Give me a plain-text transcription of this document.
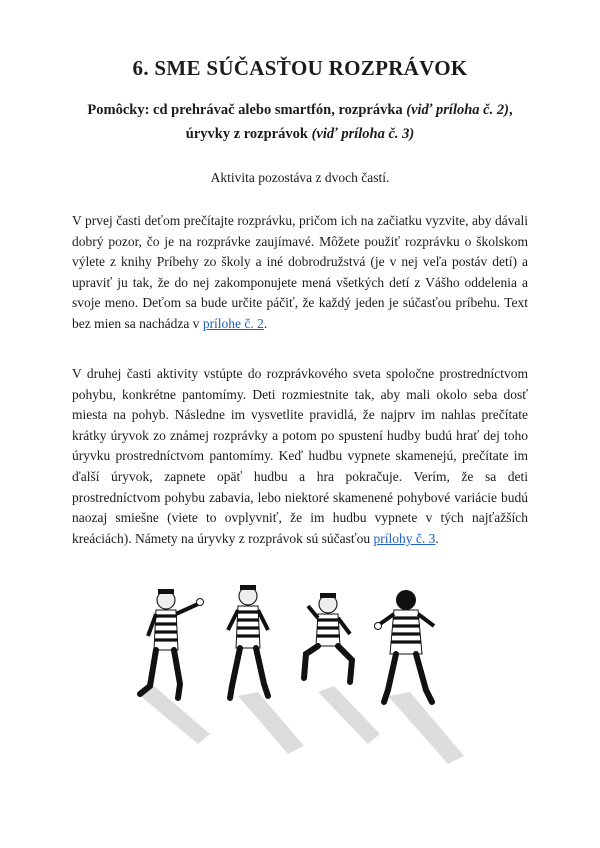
6. SME SÚČASŤOU ROZPRÁVOK
Pomôcky: cd prehrávač alebo smartfón, rozprávka (viď príloha č. 2),
úryvky z rozprávok (viď príloha č. 3)
Aktivita pozostáva z dvoch častí.
V prvej časti deťom prečítajte rozprávku, pričom ich na začiatku vyzvite, aby dávali dobrý pozor, čo je na rozprávke zaujímavé. Môžete použiť rozprávku o školskom výlete z knihy Príbehy zo školy a iné dobrodružstvá (je v nej veľa postáv detí) a upraviť ju tak, že do nej zakomponujete mená všetkých detí z Vášho oddelenia a svoje meno. Deťom sa bude určite páčiť, že každý jeden je súčasťou príbehu. Text bez mien sa nachádza v prílohe č. 2.
V druhej časti aktivity vstúpte do rozprávkového sveta spoločne prostredníctvom pohybu, konkrétne pantomímy. Deti rozmiestnite tak, aby mali okolo seba dosť miesta na pohyb. Následne im vysvetlite pravidlá, že najprv im nahlas prečítate krátky úryvok zo známej rozprávky a potom po spustení hudby budú hrať dej toho úryvku prostredníctvom pantomímy. Keď hudbu vypnete skamenejú, prečítate im ďalší úryvok, zapnete opäť hudbu a hra pokračuje. Verím, že sa deti prostredníctvom pohybu zabavia, lebo niektoré skamenené pohybové variácie budú naozaj smiešne (viete to ovplyvniť, že im hudbu vypnete v tých najťažších kreáciách). Námety na úryvky z rozprávok sú súčasťou prílohy č. 3.
